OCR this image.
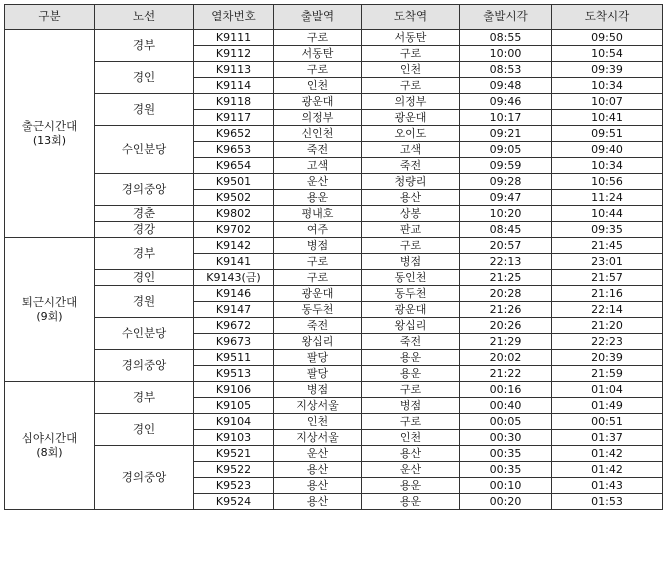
구분	노선	열차번호	출발역	도착역	출발시각	도착시각
출근시간대
(13회)	경부	K9111	구로	서동탄	08:55	09:50
		K9112	서동탄	구로	10:00	10:54
	경인	K9113	구로	인천	08:53	09:39
		K9114	인천	구로	09:48	10:34
	경원	K9118	광운대	의정부	09:46	10:07
		K9117	의정부	광운대	10:17	10:41
	수인분당	K9652	신인천	오이도	09:21	09:51
		K9653	죽전	고색	09:05	09:40
		K9654	고색	죽전	09:59	10:34
	경의중앙	K9501	운산	청량리	09:28	10:56
		K9502	용운	용산	09:47	11:24
	경춘	K9802	평내호	상봉	10:20	10:44
	경강	K9702	여주	판교	08:45	09:35
퇴근시간대
(9회)	경부	K9142	병점	구로	20:57	21:45
		K9141	구로	병점	22:13	23:01
	경인	K9143(금)	구로	동인천	21:25	21:57
	경원	K9146	광운대	동두천	20:28	21:16
		K9147	동두천	광운대	21:26	22:14
	수인분당	K9672	죽전	왕십리	20:26	21:20
		K9673	왕십리	죽전	21:29	22:23
	경의중앙	K9511	팔당	용운	20:02	20:39
		K9513	팔당	용운	21:22	21:59
심야시간대
(8회)	경부	K9106	병점	구로	00:16	01:04
		K9105	지상서울	병점	00:40	01:49
	경인	K9104	인천	구로	00:05	00:51
		K9103	지상서울	인천	00:30	01:37
	경의중앙	K9521	운산	용산	00:35	01:42
		K9522	용산	운산	00:35	01:42
		K9523	용산	용운	00:10	01:43
		K9524	용산	용운	00:20	01:53
